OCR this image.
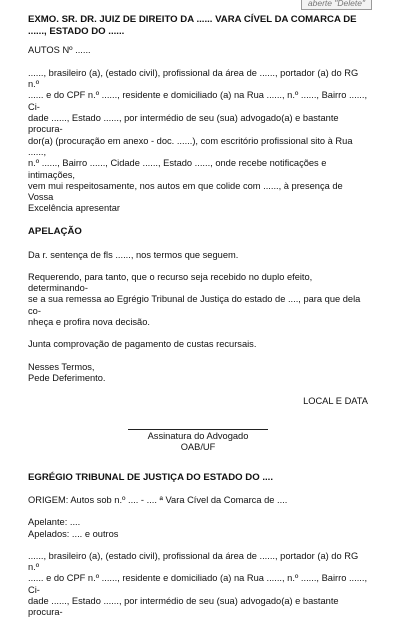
aberte "Delete"

EXMO. SR. DR. JUIZ DE DIREITO DA ...... VARA CÍVEL DA COMARCA DE ......, ESTADO DO ......

AUTOS Nº ......

......, brasileiro (a), (estado civil), profissional da área de ......, portador (a) do RG n.º

...... e do CPF n.º ......, residente e domiciliado (a) na Rua ......, n.º ......, Bairro ......, Ci-

dade ......, Estado ......, por intermédio de seu (sua) advogado(a) e bastante procura-

dor(a) (procuração em anexo - doc. ......), com escritório profissional sito à Rua ......,

n.º ......, Bairro ......, Cidade ......, Estado ......, onde recebe notificações e intimações,

vem mui respeitosamente, nos autos em que colide com ......, à presença de Vossa

Excelência apresentar

APELAÇÃO

Da r. sentença de fls ......, nos termos que seguem.

Requerendo, para tanto, que o recurso seja recebido no duplo efeito, determinando-

se a sua remessa ao Egrégio Tribunal de Justiça do estado de ...., para que dela co-

nheça e profira nova decisão.

Junta comprovação de pagamento de custas recursais.

Nesses Termos,

Pede Deferimento.

LOCAL E DATA

Assinatura do Advogado

OAB/UF

EGRÉGIO TRIBUNAL DE JUSTIÇA DO ESTADO DO ....

ORIGEM: Autos sob n.º .... - .... ª Vara Cível da Comarca de ....

Apelante: ....

Apelados: .... e outros

......, brasileiro (a), (estado civil), profissional da área de ......, portador (a) do RG n.º

...... e do CPF n.º ......, residente e domiciliado (a) na Rua ......, n.º ......, Bairro ......, Ci-

dade ......, Estado ......, por intermédio de seu (sua) advogado(a) e bastante procura-
